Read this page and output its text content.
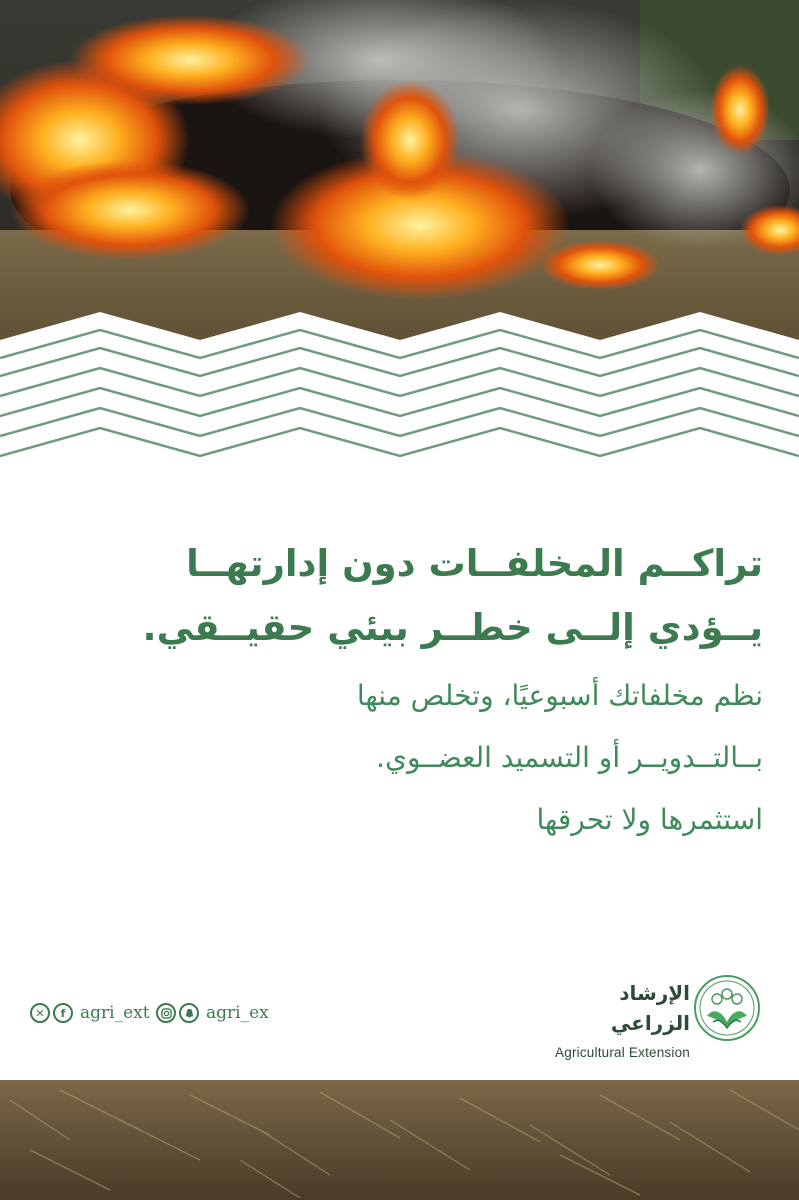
تراكــم المخلفــات دون إدارتهــا
يــؤدي إلــى خطــر بيئي حقيــقي.
نظم مخلفاتك أسبوعيًا، وتخلص منها
بــالتــدويــر أو التسميد العضــوي.
استثمرها ولا تحرقها
✕	f agri_ext	agri_ex
الإرشاد الزراعي
Agricultural Extension
